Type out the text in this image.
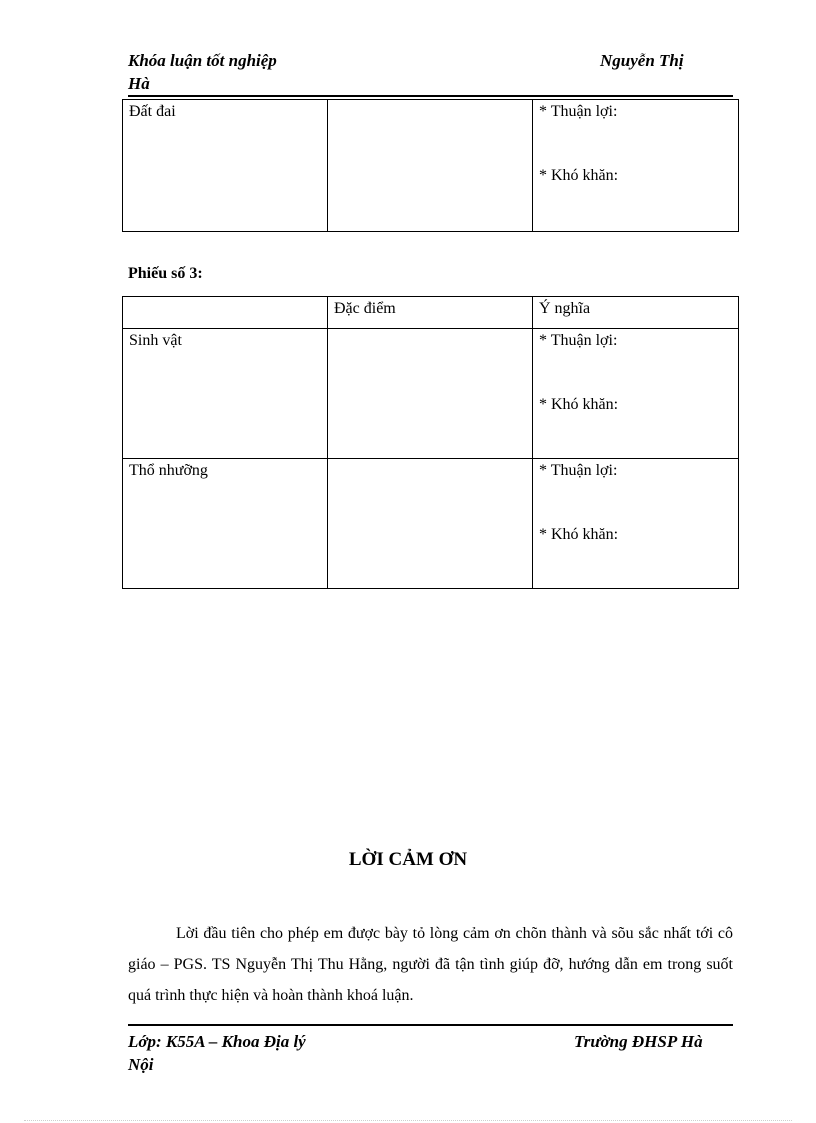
Khóa luận tốt nghiệp
Hà
Nguyễn Thị
Đất đai		* Thuận lợi:
* Khó khăn:
Phiếu số 3:
	Đặc điểm	Ý nghĩa
Sinh vật		* Thuận lợi:
* Khó khăn:

Thổ nhưỡng		* Thuận lợi:
* Khó khăn:
LỜI CẢM ƠN
Lời đầu tiên cho phép em được bày tỏ lòng cảm ơn chõn thành và sõu sắc nhất tới cô giáo – PGS. TS Nguyễn Thị Thu Hằng, người đã tận tình giúp đỡ, hướng dẫn em trong suốt quá trình thực hiện và hoàn thành khoá luận.
Lớp: K55A – Khoa Địa lý
Nội
Trường ĐHSP Hà
